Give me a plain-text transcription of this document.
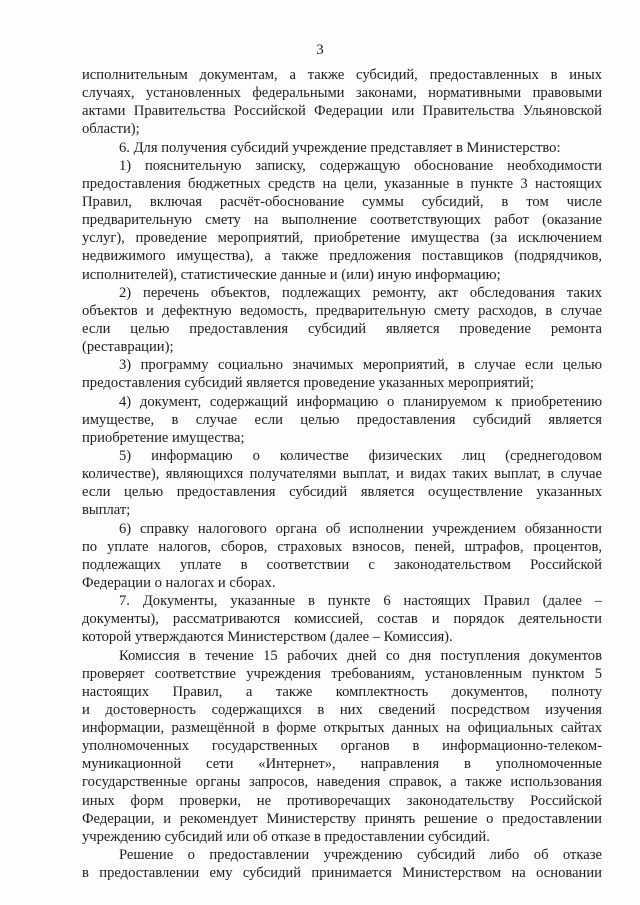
3
исполнительным документам, а также субсидий, предоставленных в иных
случаях, установленных федеральными законами, нормативными правовыми
актами Правительства Российской Федерации или Правительства Ульяновской
области);
6. Для получения субсидий учреждение представляет в Министерство:
1) пояснительную записку, содержащую обоснование необходимости
предоставления бюджетных средств на цели, указанные в пункте 3 настоящих
Правил, включая расчёт-обоснование суммы субсидий, в том числе
предварительную смету на выполнение соответствующих работ (оказание
услуг), проведение мероприятий, приобретение имущества (за исключением
недвижимого имущества), а также предложения поставщиков (подрядчиков,
исполнителей), статистические данные и (или) иную информацию;
2) перечень объектов, подлежащих ремонту, акт обследования таких
объектов и дефектную ведомость, предварительную смету расходов, в случае
если целью предоставления субсидий является проведение ремонта
(реставрации);
3) программу социально значимых мероприятий, в случае если целью
предоставления субсидий является проведение указанных мероприятий;
4) документ, содержащий информацию о планируемом к приобретению
имуществе, в случае если целью предоставления субсидий является
приобретение имущества;
5) информацию о количестве физических лиц (среднегодовом
количестве), являющихся получателями выплат, и видах таких выплат, в случае
если целью предоставления субсидий является осуществление указанных
выплат;
6) справку налогового органа об исполнении учреждением обязанности
по уплате налогов, сборов, страховых взносов, пеней, штрафов, процентов,
подлежащих уплате в соответствии с законодательством Российской
Федерации о налогах и сборах.
7. Документы, указанные в пункте 6 настоящих Правил (далее –
документы), рассматриваются комиссией, состав и порядок деятельности
которой утверждаются Министерством (далее – Комиссия).
Комиссия в течение 15 рабочих дней со дня поступления документов
проверяет соответствие учреждения требованиям, установленным пунктом 5
настоящих Правил, а также комплектность документов, полноту
и достоверность содержащихся в них сведений посредством изучения
информации, размещённой в форме открытых данных на официальных сайтах
уполномоченных государственных органов в информационно-телеком-
муникационной сети «Интернет», направления в уполномоченные
государственные органы запросов, наведения справок, а также использования
иных форм проверки, не противоречащих законодательству Российской
Федерации, и рекомендует Министерству принять решение о предоставлении
учреждению субсидий или об отказе в предоставлении субсидий.
Решение о предоставлении учреждению субсидий либо об отказе
в предоставлении ему субсидий принимается Министерством на основании
